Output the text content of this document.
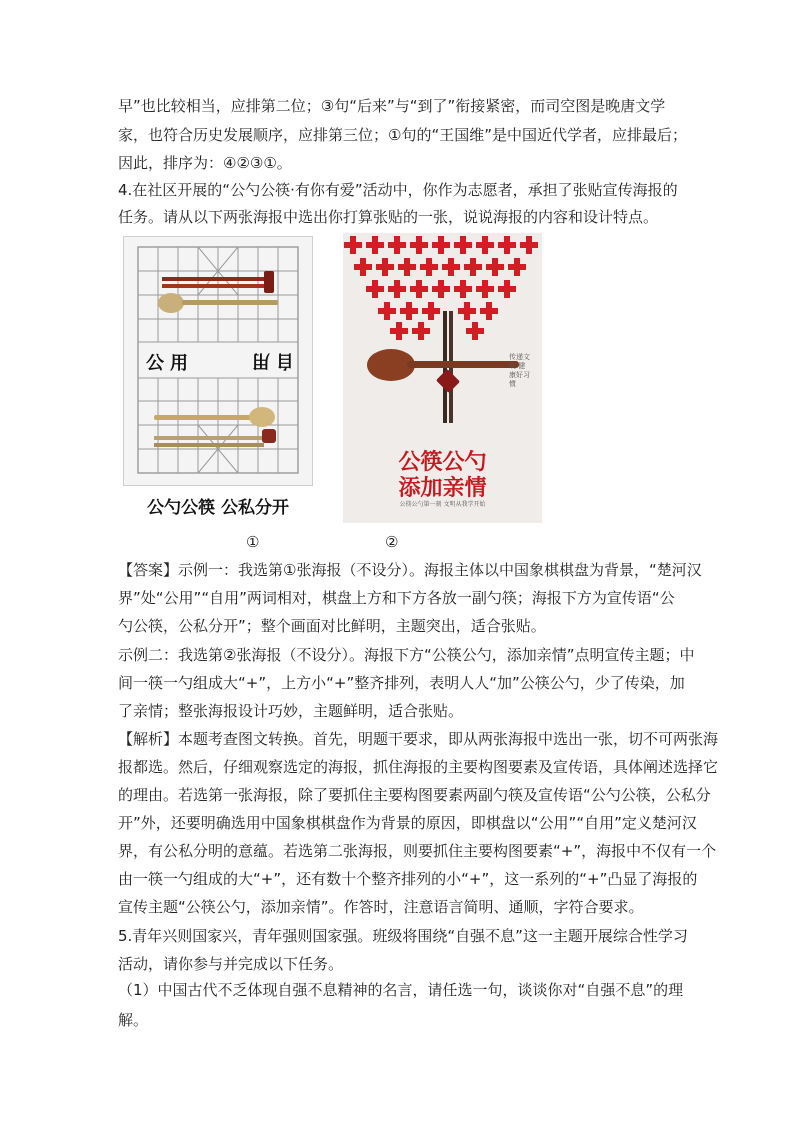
早”也比较相当，应排第二位；③句“后来”与“到了”衔接紧密，而司空图是晚唐文学
家，也符合历史发展顺序，应排第三位；①句的“王国维”是中国近代学者，应排最后；
因此，排序为：④②③①。
4.在社区开展的“公勺公筷·有你有爱”活动中，你作为志愿者，承担了张贴宣传海报的
任务。请从以下两张海报中选出你打算张贴的一张，说说海报的内容和设计特点。
公用	自用
公勺公筷 公私分开
公筷公勺
添加亲情
公筷公勺第一刻 文明从我学开始
传递文明 健康好习惯
①	②
【答案】示例一：我选第①张海报（不设分）。海报主体以中国象棋棋盘为背景，“楚河汉
界”处“公用”“自用”两词相对，棋盘上方和下方各放一副勺筷；海报下方为宣传语“公
勺公筷，公私分开”；整个画面对比鲜明，主题突出，适合张贴。
示例二：我选第②张海报（不设分）。海报下方“公筷公勺，添加亲情”点明宣传主题；中
间一筷一勺组成大“+”，上方小“+”整齐排列，表明人人“加”公筷公勺，少了传染，加
了亲情；整张海报设计巧妙，主题鲜明，适合张贴。
【解析】本题考查图文转换。首先，明题干要求，即从两张海报中选出一张，切不可两张海
报都选。然后，仔细观察选定的海报，抓住海报的主要构图要素及宣传语，具体阐述选择它
的理由。若选第一张海报，除了要抓住主要构图要素两副勺筷及宣传语“公勺公筷，公私分
开”外，还要明确选用中国象棋棋盘作为背景的原因，即棋盘以“公用”“自用”定义楚河汉
界，有公私分明的意蕴。若选第二张海报，则要抓住主要构图要素“+”，海报中不仅有一个
由一筷一勺组成的大“+”，还有数十个整齐排列的小“+”，这一系列的“+”凸显了海报的
宣传主题“公筷公勺，添加亲情”。作答时，注意语言简明、通顺，字符合要求。
5.青年兴则国家兴，青年强则国家强。班级将围绕“自强不息”这一主题开展综合性学习
活动，请你参与并完成以下任务。
（1）中国古代不乏体现自强不息精神的名言，请任选一句，谈谈你对“自强不息”的理
解。
